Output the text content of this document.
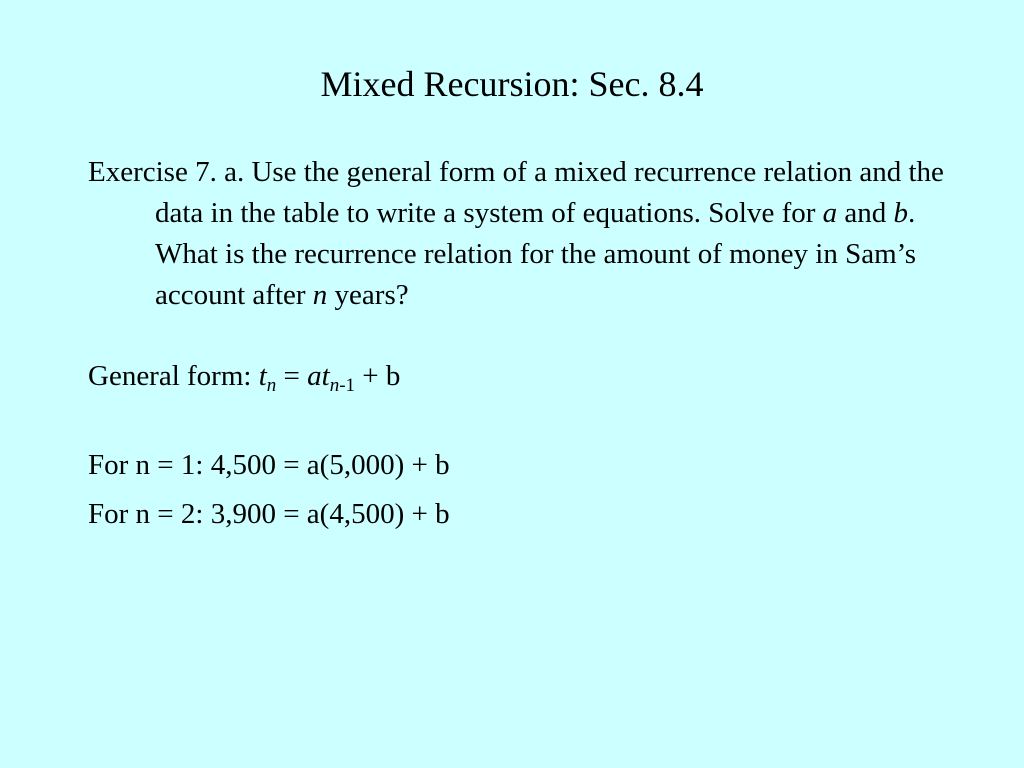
Mixed Recursion: Sec. 8.4

Exercise 7. a. Use the general form of a mixed recurrence relation and the data in the table to write a system of equations. Solve for a and b. What is the recurrence relation for the amount of money in Sam’s account after n years?

General form: $t_n = at_{n-1} + b$

For n = 1: 4,500 = a(5,000) + b

For n = 2: 3,900 = a(4,500) + b
